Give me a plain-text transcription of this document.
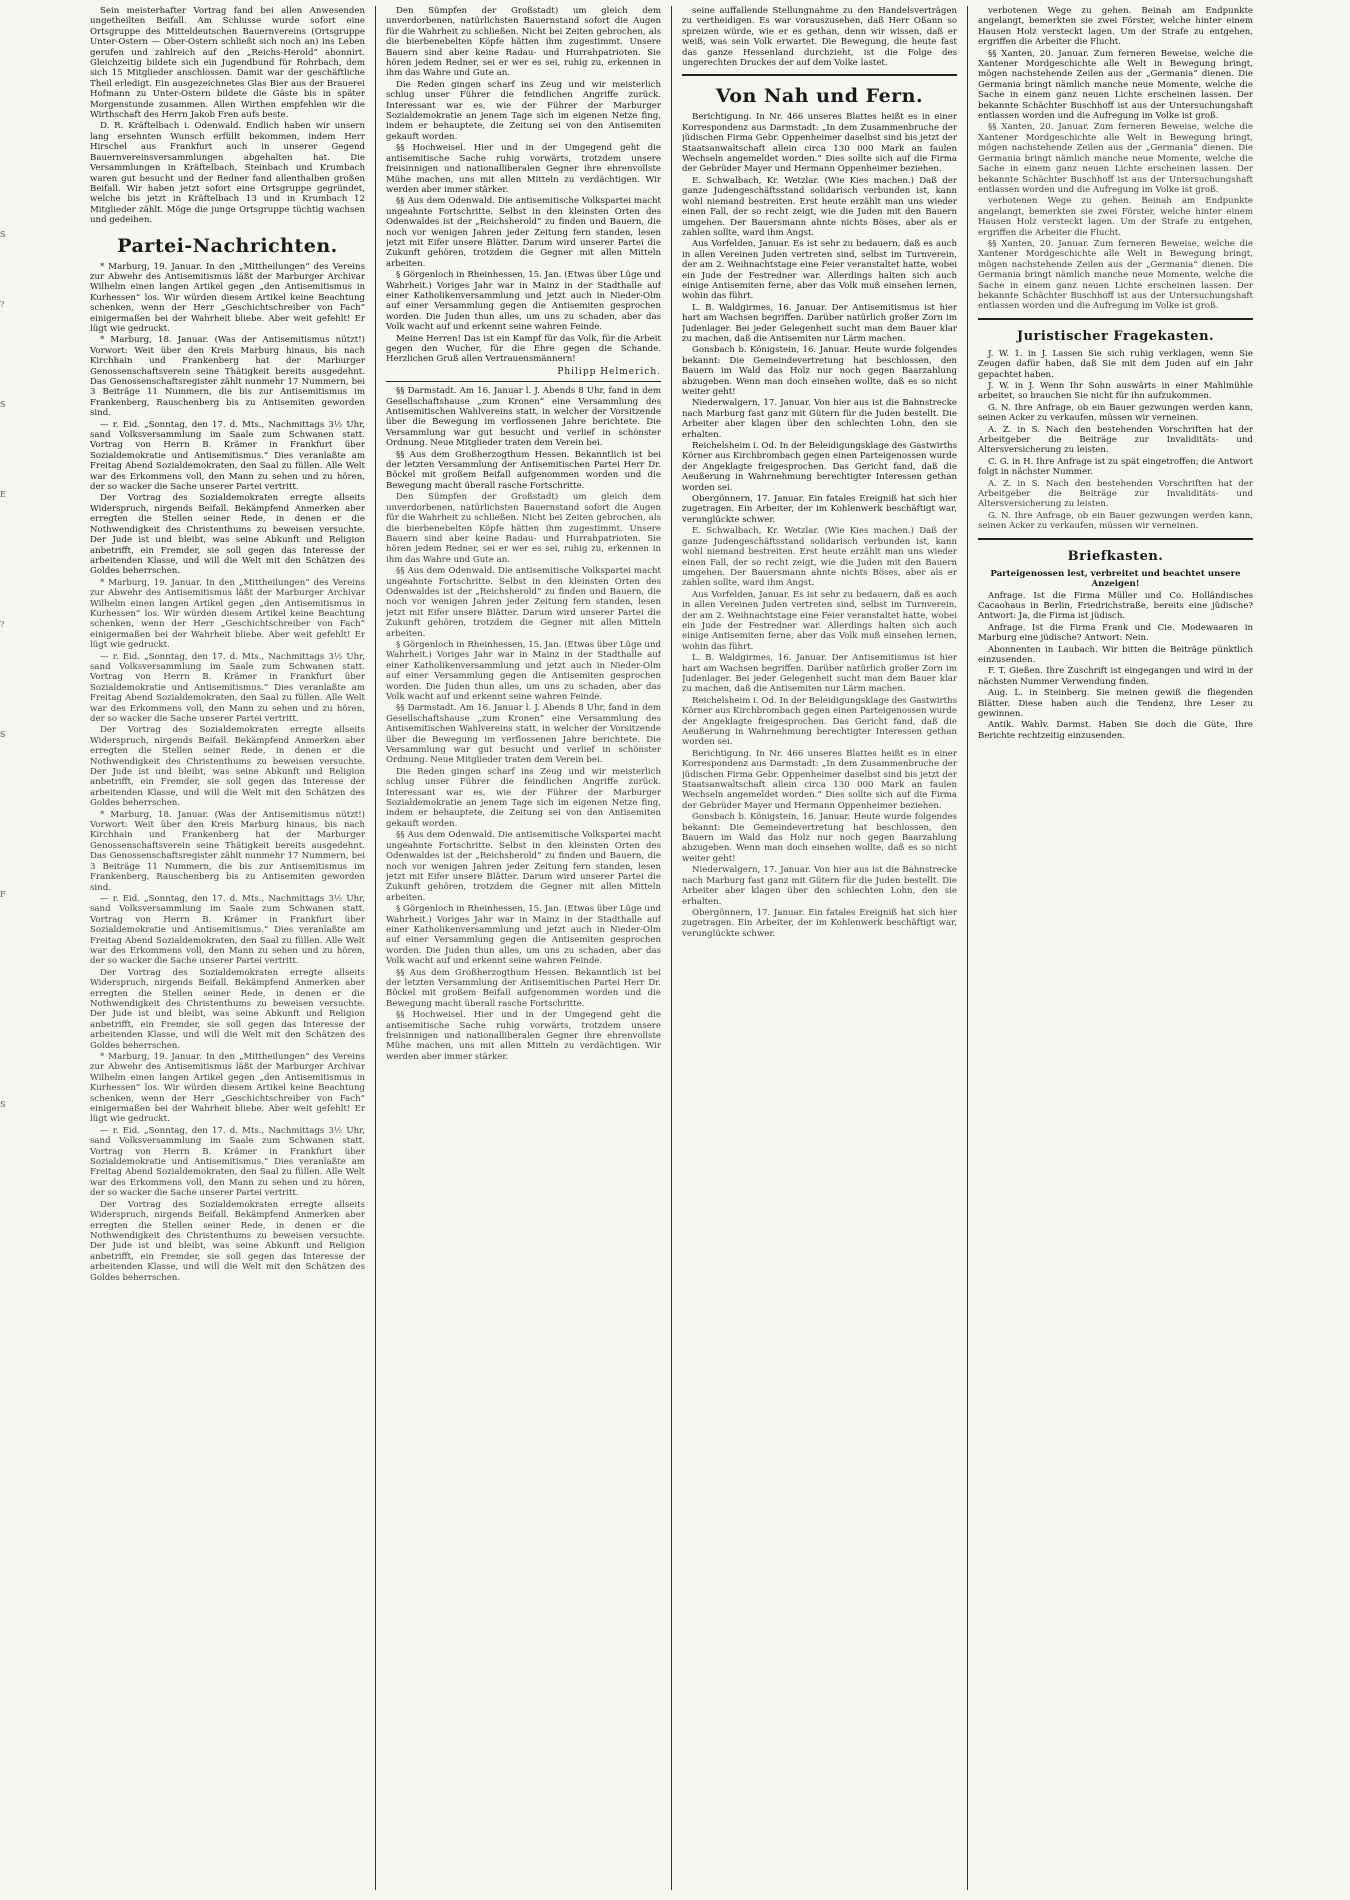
S
?
S
E
?
S
F
S

Sein meisterhafter Vortrag fand bei allen Anwesenden ungetheilten Beifall. Am Schlusse wurde sofort eine Ortsgruppe des Mitteldeutschen Bauernvereins (Ortsgruppe Unter-Ostern — Ober-Ostern schließt sich noch an) ins Leben gerufen und zahlreich auf den „Reichs-Herold“ abonnirt. Gleichzeitig bildete sich ein Jugendbund für Rohrbach, dem sich 15 Mitglieder anschlossen. Damit war der geschäftliche Theil erledigt. Ein ausgezeichnetes Glas Bier aus der Brauerei Hofmann zu Unter-Ostern bildete die Gäste bis in später Morgenstunde zusammen. Allen Wirthen empfehlen wir die Wirthschaft des Herrn Jakob Fren aufs beste.

D. R. Kräftelbach i. Odenwald. Endlich haben wir unsern lang ersehnten Wunsch erfüllt bekommen, indem Herr Hirschel aus Frankfurt auch in unserer Gegend Bauernvereinsversammlungen abgehalten hat. Die Versammlungen in Kräftelbach, Steinbach und Krumbach waren gut besucht und der Redner fand allenthalben großen Beifall. Wir haben jetzt sofort eine Ortsgruppe gegründet, welche bis jetzt in Kräftelbach 13 und in Krumbach 12 Mitglieder zählt. Möge die junge Ortsgruppe tüchtig wachsen und gedeihen.

Partei-Nachrichten.

* Marburg, 19. Januar. In den „Mittheilungen“ des Vereins zur Abwehr des Antisemitismus läßt der Marburger Archivar Wilhelm einen langen Artikel gegen „den Antisemitismus in Kurhessen“ los. Wir würden diesem Artikel keine Beachtung schenken, wenn der Herr „Geschichtschreiber von Fach“ einigermaßen bei der Wahrheit bliebe. Aber weit gefehlt! Er lügt wie gedruckt.

* Marburg, 18. Januar. (Was der Antisemitismus nützt!) Vorwort: Weit über den Kreis Marburg hinaus, bis nach Kirchhain und Frankenberg hat der Marburger Genossenschaftsverein seine Thätigkeit bereits ausgedehnt. Das Genossenschaftsregister zählt nunmehr 17 Nummern, bei 3 Beiträge 11 Nummern, die bis zur Antisemitismus im Frankenberg, Rauschenberg bis zu Antisemiten geworden sind.

— r. Eid. „Sonntag, den 17. d. Mts., Nachmittags 3½ Uhr, sand Volksversammlung im Saale zum Schwanen statt. Vortrag von Herrn B. Krämer in Frankfurt über Sozialdemokratie und Antisemitismus.“ Dies veranlaßte am Freitag Abend Sozialdemokraten, den Saal zu füllen. Alle Welt war des Erkommens voll, den Mann zu sehen und zu hören, der so wacker die Sache unserer Partei vertritt.

Der Vortrag des Sozialdemokraten erregte allseits Widerspruch, nirgends Beifall. Bekämpfend Anmerken aber erregten die Stellen seiner Rede, in denen er die Nothwendigkeit des Christenthums zu beweisen versuchte. Der Jude ist und bleibt, was seine Abkunft und Religion anbetrifft, ein Fremder, sie soll gegen das Interesse der arbeitenden Klasse, und will die Welt mit den Schätzen des Goldes beherrschen.

* Marburg, 19. Januar. In den „Mittheilungen“ des Vereins zur Abwehr des Antisemitismus läßt der Marburger Archivar Wilhelm einen langen Artikel gegen „den Antisemitismus in Kurhessen“ los. Wir würden diesem Artikel keine Beachtung schenken, wenn der Herr „Geschichtschreiber von Fach“ einigermaßen bei der Wahrheit bliebe. Aber weit gefehlt! Er lügt wie gedruckt.

— r. Eid. „Sonntag, den 17. d. Mts., Nachmittags 3½ Uhr, sand Volksversammlung im Saale zum Schwanen statt. Vortrag von Herrn B. Krämer in Frankfurt über Sozialdemokratie und Antisemitismus.“ Dies veranlaßte am Freitag Abend Sozialdemokraten, den Saal zu füllen. Alle Welt war des Erkommens voll, den Mann zu sehen und zu hören, der so wacker die Sache unserer Partei vertritt.

Der Vortrag des Sozialdemokraten erregte allseits Widerspruch, nirgends Beifall. Bekämpfend Anmerken aber erregten die Stellen seiner Rede, in denen er die Nothwendigkeit des Christenthums zu beweisen versuchte. Der Jude ist und bleibt, was seine Abkunft und Religion anbetrifft, ein Fremder, sie soll gegen das Interesse der arbeitenden Klasse, und will die Welt mit den Schätzen des Goldes beherrschen.

* Marburg, 18. Januar. (Was der Antisemitismus nützt!) Vorwort: Weit über den Kreis Marburg hinaus, bis nach Kirchhain und Frankenberg hat der Marburger Genossenschaftsverein seine Thätigkeit bereits ausgedehnt. Das Genossenschaftsregister zählt nunmehr 17 Nummern, bei 3 Beiträge 11 Nummern, die bis zur Antisemitismus im Frankenberg, Rauschenberg bis zu Antisemiten geworden sind.

— r. Eid. „Sonntag, den 17. d. Mts., Nachmittags 3½ Uhr, sand Volksversammlung im Saale zum Schwanen statt. Vortrag von Herrn B. Krämer in Frankfurt über Sozialdemokratie und Antisemitismus.“ Dies veranlaßte am Freitag Abend Sozialdemokraten, den Saal zu füllen. Alle Welt war des Erkommens voll, den Mann zu sehen und zu hören, der so wacker die Sache unserer Partei vertritt.

Der Vortrag des Sozialdemokraten erregte allseits Widerspruch, nirgends Beifall. Bekämpfend Anmerken aber erregten die Stellen seiner Rede, in denen er die Nothwendigkeit des Christenthums zu beweisen versuchte. Der Jude ist und bleibt, was seine Abkunft und Religion anbetrifft, ein Fremder, sie soll gegen das Interesse der arbeitenden Klasse, und will die Welt mit den Schätzen des Goldes beherrschen.

* Marburg, 19. Januar. In den „Mittheilungen“ des Vereins zur Abwehr des Antisemitismus läßt der Marburger Archivar Wilhelm einen langen Artikel gegen „den Antisemitismus in Kurhessen“ los. Wir würden diesem Artikel keine Beachtung schenken, wenn der Herr „Geschichtschreiber von Fach“ einigermaßen bei der Wahrheit bliebe. Aber weit gefehlt! Er lügt wie gedruckt.

— r. Eid. „Sonntag, den 17. d. Mts., Nachmittags 3½ Uhr, sand Volksversammlung im Saale zum Schwanen statt. Vortrag von Herrn B. Krämer in Frankfurt über Sozialdemokratie und Antisemitismus.“ Dies veranlaßte am Freitag Abend Sozialdemokraten, den Saal zu füllen. Alle Welt war des Erkommens voll, den Mann zu sehen und zu hören, der so wacker die Sache unserer Partei vertritt.

Der Vortrag des Sozialdemokraten erregte allseits Widerspruch, nirgends Beifall. Bekämpfend Anmerken aber erregten die Stellen seiner Rede, in denen er die Nothwendigkeit des Christenthums zu beweisen versuchte. Der Jude ist und bleibt, was seine Abkunft und Religion anbetrifft, ein Fremder, sie soll gegen das Interesse der arbeitenden Klasse, und will die Welt mit den Schätzen des Goldes beherrschen.

Den Sümpfen der Großstadt) um gleich dem unverdorbenen, natürlichsten Bauernstand sofort die Augen für die Wahrheit zu schließen. Nicht bei Zeiten gebrochen, als die bierbenebelten Köpfe hätten ihm zugestimmt. Unsere Bauern sind aber keine Radau- und Hurrahpatrioten. Sie hören jedem Redner, sei er wer es sei, ruhig zu, erkennen in ihm das Wahre und Gute an.

Die Reden gingen scharf ins Zeug und wir meisterlich schlug unser Führer die feindlichen Angriffe zurück. Interessant war es, wie der Führer der Marburger Sozialdemokratie an jenem Tage sich im eigenen Netze fing, indem er behauptete, die Zeitung sei von den Antisemiten gekauft worden.

§§ Hochweisel. Hier und in der Umgegend geht die antisemitische Sache ruhig vorwärts, trotzdem unsere freisinnigen und nationalliberalen Gegner ihre ehrenvollste Mühe machen, uns mit allen Mitteln zu verdächtigen. Wir werden aber immer stärker.

§§ Aus dem Odenwald. Die antisemitische Volkspartei macht ungeahnte Fortschritte. Selbst in den kleinsten Orten des Odenwaldes ist der „Reichsherold“ zu finden und Bauern, die noch vor wenigen Jahren jeder Zeitung fern standen, lesen jetzt mit Eifer unsere Blätter. Darum wird unserer Partei die Zukunft gehören, trotzdem die Gegner mit allen Mitteln arbeiten.

§ Görgenloch in Rheinhessen, 15. Jan. (Etwas über Lüge und Wahrheit.) Voriges Jahr war in Mainz in der Stadthalle auf einer Katholikenversammlung und jetzt auch in Nieder-Olm auf einer Versammlung gegen die Antisemiten gesprochen worden. Die Juden thun alles, um uns zu schaden, aber das Volk wacht auf und erkennt seine wahren Feinde.

Meine Herren! Das ist ein Kampf für das Volk, für die Arbeit gegen den Wucher, für die Ehre gegen die Schande. Herzlichen Gruß allen Vertrauensmännern!

Philipp Helmerich.

§§ Darmstadt. Am 16. Januar l. J. Abends 8 Uhr, fand in dem Gesellschaftshause „zum Kronen“ eine Versammlung des Antisemitischen Wahlvereins statt, in welcher der Vorsitzende über die Bewegung im verflossenen Jahre berichtete. Die Versammlung war gut besucht und verlief in schönster Ordnung. Neue Mitglieder traten dem Verein bei.

§§ Aus dem Großherzogthum Hessen. Bekanntlich ist bei der letzten Versammlung der Antisemitischen Partei Herr Dr. Böckel mit großem Beifall aufgenommen worden und die Bewegung macht überall rasche Fortschritte.

Den Sümpfen der Großstadt) um gleich dem unverdorbenen, natürlichsten Bauernstand sofort die Augen für die Wahrheit zu schließen. Nicht bei Zeiten gebrochen, als die bierbenebelten Köpfe hätten ihm zugestimmt. Unsere Bauern sind aber keine Radau- und Hurrahpatrioten. Sie hören jedem Redner, sei er wer es sei, ruhig zu, erkennen in ihm das Wahre und Gute an.

§§ Aus dem Odenwald. Die antisemitische Volkspartei macht ungeahnte Fortschritte. Selbst in den kleinsten Orten des Odenwaldes ist der „Reichsherold“ zu finden und Bauern, die noch vor wenigen Jahren jeder Zeitung fern standen, lesen jetzt mit Eifer unsere Blätter. Darum wird unserer Partei die Zukunft gehören, trotzdem die Gegner mit allen Mitteln arbeiten.

§ Görgenloch in Rheinhessen, 15. Jan. (Etwas über Lüge und Wahrheit.) Voriges Jahr war in Mainz in der Stadthalle auf einer Katholikenversammlung und jetzt auch in Nieder-Olm auf einer Versammlung gegen die Antisemiten gesprochen worden. Die Juden thun alles, um uns zu schaden, aber das Volk wacht auf und erkennt seine wahren Feinde.

§§ Darmstadt. Am 16. Januar l. J. Abends 8 Uhr, fand in dem Gesellschaftshause „zum Kronen“ eine Versammlung des Antisemitischen Wahlvereins statt, in welcher der Vorsitzende über die Bewegung im verflossenen Jahre berichtete. Die Versammlung war gut besucht und verlief in schönster Ordnung. Neue Mitglieder traten dem Verein bei.

Die Reden gingen scharf ins Zeug und wir meisterlich schlug unser Führer die feindlichen Angriffe zurück. Interessant war es, wie der Führer der Marburger Sozialdemokratie an jenem Tage sich im eigenen Netze fing, indem er behauptete, die Zeitung sei von den Antisemiten gekauft worden.

§§ Aus dem Odenwald. Die antisemitische Volkspartei macht ungeahnte Fortschritte. Selbst in den kleinsten Orten des Odenwaldes ist der „Reichsherold“ zu finden und Bauern, die noch vor wenigen Jahren jeder Zeitung fern standen, lesen jetzt mit Eifer unsere Blätter. Darum wird unserer Partei die Zukunft gehören, trotzdem die Gegner mit allen Mitteln arbeiten.

§ Görgenloch in Rheinhessen, 15. Jan. (Etwas über Lüge und Wahrheit.) Voriges Jahr war in Mainz in der Stadthalle auf einer Katholikenversammlung und jetzt auch in Nieder-Olm auf einer Versammlung gegen die Antisemiten gesprochen worden. Die Juden thun alles, um uns zu schaden, aber das Volk wacht auf und erkennt seine wahren Feinde.

§§ Aus dem Großherzogthum Hessen. Bekanntlich ist bei der letzten Versammlung der Antisemitischen Partei Herr Dr. Böckel mit großem Beifall aufgenommen worden und die Bewegung macht überall rasche Fortschritte.

§§ Hochweisel. Hier und in der Umgegend geht die antisemitische Sache ruhig vorwärts, trotzdem unsere freisinnigen und nationalliberalen Gegner ihre ehrenvollste Mühe machen, uns mit allen Mitteln zu verdächtigen. Wir werden aber immer stärker.

seine auffallende Stellungnahme zu den Handelsverträgen zu vertheidigen. Es war vorauszusehen, daß Herr Oßann so spreizen würde, wie er es gethan, denn wir wissen, daß er weiß, was sein Volk erwartet. Die Bewegung, die heute fast das ganze Hessenland durchzieht, ist die Folge des ungerechten Druckes der auf dem Volke lastet.

Von Nah und Fern.

Berichtigung. In Nr. 466 unseres Blattes heißt es in einer Korrespondenz aus Darmstadt: „In dem Zusammenbruche der jüdischen Firma Gebr. Oppenheimer daselbst sind bis jetzt der Staatsanwaltschaft allein circa 130 000 Mark an faulen Wechseln angemeldet worden.“ Dies sollte sich auf die Firma der Gebrüder Mayer und Hermann Oppenheimer beziehen.

E. Schwalbach, Kr. Wetzlar. (Wie Kies machen.) Daß der ganze Judengeschäftsstand solidarisch verbunden ist, kann wohl niemand bestreiten. Erst heute erzählt man uns wieder einen Fall, der so recht zeigt, wie die Juden mit den Bauern umgehen. Der Bauersmann ahnte nichts Böses, aber als er zahlen sollte, ward ihm Angst.

Aus Vorfelden, Januar. Es ist sehr zu bedauern, daß es auch in allen Vereinen Juden vertreten sind, selbst im Turnverein, der am 2. Weihnachtstage eine Feier veranstaltet hatte, wobei ein Jude der Festredner war. Allerdings halten sich auch einige Antisemiten ferne, aber das Volk muß einsehen lernen, wohin das führt.

L. B. Waldgirmes, 16. Januar. Der Antisemitismus ist hier hart am Wachsen begriffen. Darüber natürlich großer Zorn im Judenlager. Bei jeder Gelegenheit sucht man dem Bauer klar zu machen, daß die Antisemiten nur Lärm machen.

Gonsbach b. Königstein, 16. Januar. Heute wurde folgendes bekannt: Die Gemeindevertretung hat beschlossen, den Bauern im Wald das Holz nur noch gegen Baarzahlung abzugeben. Wenn man doch einsehen wollte, daß es so nicht weiter geht!

Niederwalgern, 17. Januar. Von hier aus ist die Bahnstrecke nach Marburg fast ganz mit Gütern für die Juden bestellt. Die Arbeiter aber klagen über den schlechten Lohn, den sie erhalten.

Reichelsheim i. Od. In der Beleidigungsklage des Gastwirths Körner aus Kirchbrombach gegen einen Parteigenossen wurde der Angeklagte freigesprochen. Das Gericht fand, daß die Aeußerung in Wahrnehmung berechtigter Interessen gethan worden sei.

Obergönnern, 17. Januar. Ein fatales Ereigniß hat sich hier zugetragen. Ein Arbeiter, der im Kohlenwerk beschäftigt war, verunglückte schwer.

E. Schwalbach, Kr. Wetzlar. (Wie Kies machen.) Daß der ganze Judengeschäftsstand solidarisch verbunden ist, kann wohl niemand bestreiten. Erst heute erzählt man uns wieder einen Fall, der so recht zeigt, wie die Juden mit den Bauern umgehen. Der Bauersmann ahnte nichts Böses, aber als er zahlen sollte, ward ihm Angst.

Aus Vorfelden, Januar. Es ist sehr zu bedauern, daß es auch in allen Vereinen Juden vertreten sind, selbst im Turnverein, der am 2. Weihnachtstage eine Feier veranstaltet hatte, wobei ein Jude der Festredner war. Allerdings halten sich auch einige Antisemiten ferne, aber das Volk muß einsehen lernen, wohin das führt.

L. B. Waldgirmes, 16. Januar. Der Antisemitismus ist hier hart am Wachsen begriffen. Darüber natürlich großer Zorn im Judenlager. Bei jeder Gelegenheit sucht man dem Bauer klar zu machen, daß die Antisemiten nur Lärm machen.

Reichelsheim i. Od. In der Beleidigungsklage des Gastwirths Körner aus Kirchbrombach gegen einen Parteigenossen wurde der Angeklagte freigesprochen. Das Gericht fand, daß die Aeußerung in Wahrnehmung berechtigter Interessen gethan worden sei.

Berichtigung. In Nr. 466 unseres Blattes heißt es in einer Korrespondenz aus Darmstadt: „In dem Zusammenbruche der jüdischen Firma Gebr. Oppenheimer daselbst sind bis jetzt der Staatsanwaltschaft allein circa 130 000 Mark an faulen Wechseln angemeldet worden.“ Dies sollte sich auf die Firma der Gebrüder Mayer und Hermann Oppenheimer beziehen.

Gonsbach b. Königstein, 16. Januar. Heute wurde folgendes bekannt: Die Gemeindevertretung hat beschlossen, den Bauern im Wald das Holz nur noch gegen Baarzahlung abzugeben. Wenn man doch einsehen wollte, daß es so nicht weiter geht!

Niederwalgern, 17. Januar. Von hier aus ist die Bahnstrecke nach Marburg fast ganz mit Gütern für die Juden bestellt. Die Arbeiter aber klagen über den schlechten Lohn, den sie erhalten.

Obergönnern, 17. Januar. Ein fatales Ereigniß hat sich hier zugetragen. Ein Arbeiter, der im Kohlenwerk beschäftigt war, verunglückte schwer.

verbotenen Wege zu gehen. Beinah am Endpunkte angelangt, bemerkten sie zwei Förster, welche hinter einem Hausen Holz versteckt lagen. Um der Strafe zu entgehen, ergriffen die Arbeiter die Flucht.

§§ Xanten, 20. Januar. Zum ferneren Beweise, welche die Xantener Mordgeschichte alle Welt in Bewegung bringt, mögen nachstehende Zeilen aus der „Germania“ dienen. Die Germania bringt nämlich manche neue Momente, welche die Sache in einem ganz neuen Lichte erscheinen lassen. Der bekannte Schächter Buschhoff ist aus der Untersuchungshaft entlassen worden und die Aufregung im Volke ist groß.

§§ Xanten, 20. Januar. Zum ferneren Beweise, welche die Xantener Mordgeschichte alle Welt in Bewegung bringt, mögen nachstehende Zeilen aus der „Germania“ dienen. Die Germania bringt nämlich manche neue Momente, welche die Sache in einem ganz neuen Lichte erscheinen lassen. Der bekannte Schächter Buschhoff ist aus der Untersuchungshaft entlassen worden und die Aufregung im Volke ist groß.

verbotenen Wege zu gehen. Beinah am Endpunkte angelangt, bemerkten sie zwei Förster, welche hinter einem Hausen Holz versteckt lagen. Um der Strafe zu entgehen, ergriffen die Arbeiter die Flucht.

§§ Xanten, 20. Januar. Zum ferneren Beweise, welche die Xantener Mordgeschichte alle Welt in Bewegung bringt, mögen nachstehende Zeilen aus der „Germania“ dienen. Die Germania bringt nämlich manche neue Momente, welche die Sache in einem ganz neuen Lichte erscheinen lassen. Der bekannte Schächter Buschhoff ist aus der Untersuchungshaft entlassen worden und die Aufregung im Volke ist groß.

Juristischer Fragekasten.

J. W. 1. in J. Lassen Sie sich ruhig verklagen, wenn Sie Zeugen dafür haben, daß Sie mit dem Juden auf ein Jahr gepachtet haben.

J. W. in J. Wenn Ihr Sohn auswärts in einer Mahlmühle arbeitet, so brauchen Sie nicht für ihn aufzukommen.

G. N. Ihre Anfrage, ob ein Bauer gezwungen werden kann, seinen Acker zu verkaufen, müssen wir verneinen.

A. Z. in S. Nach den bestehenden Vorschriften hat der Arbeitgeber die Beiträge zur Invaliditäts- und Altersversicherung zu leisten.

C. G. in H. Ihre Anfrage ist zu spät eingetroffen; die Antwort folgt in nächster Nummer.

A. Z. in S. Nach den bestehenden Vorschriften hat der Arbeitgeber die Beiträge zur Invaliditäts- und Altersversicherung zu leisten.

G. N. Ihre Anfrage, ob ein Bauer gezwungen werden kann, seinen Acker zu verkaufen, müssen wir verneinen.

Briefkasten.

Parteigenossen lest, verbreitet und beachtet unsere Anzeigen!

Anfrage. Ist die Firma Müller und Co. Holländisches Cacaohaus in Berlin, Friedrichstraße, bereits eine jüdische? Antwort: Ja, die Firma ist jüdisch.

Anfrage. Ist die Firma Frank und Cie. Modewaaren in Marburg eine jüdische? Antwort: Nein.

Abonnenten in Laubach. Wir bitten die Beiträge pünktlich einzusenden.

F. T. Gießen. Ihre Zuschrift ist eingegangen und wird in der nächsten Nummer Verwendung finden.

Aug. L. in Steinberg. Sie meinen gewiß die fliegenden Blätter. Diese haben auch die Tendenz, ihre Leser zu gewinnen.

Antik. Wahlv. Darmst. Haben Sie doch die Güte, Ihre Berichte rechtzeitig einzusenden.
